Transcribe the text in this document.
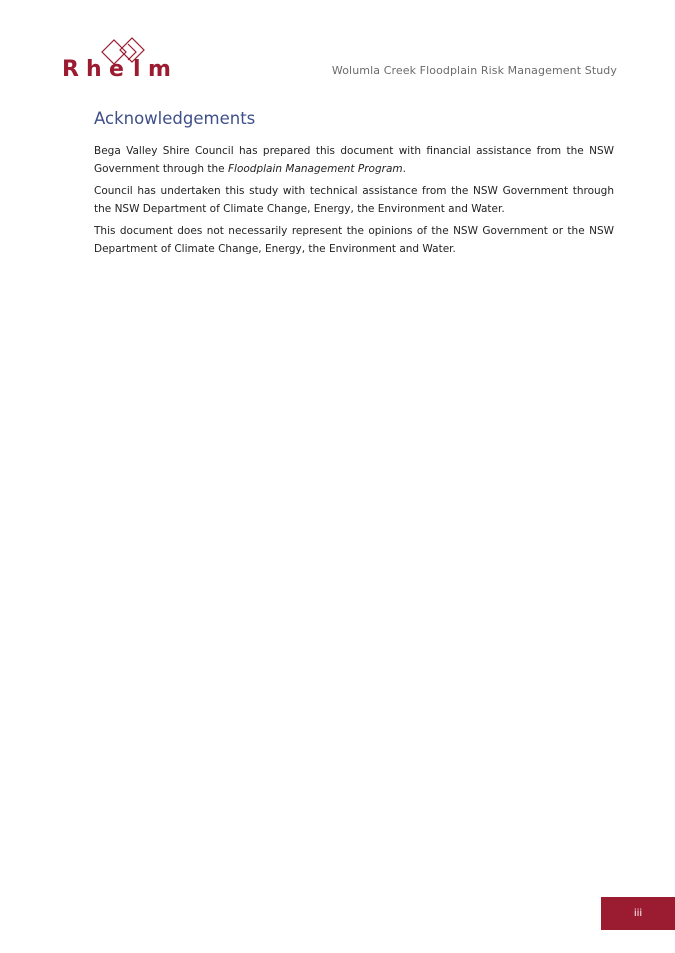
R h e l m	Wolumla Creek Floodplain Risk Management Study
Acknowledgements

Bega Valley Shire Council has prepared this document with financial assistance from the NSW Government through the Floodplain Management Program.

Council has undertaken this study with technical assistance from the NSW Government through the NSW Department of Climate Change, Energy, the Environment and Water.

This document does not necessarily represent the opinions of the NSW Government or the NSW Department of Climate Change, Energy, the Environment and Water.

iii
